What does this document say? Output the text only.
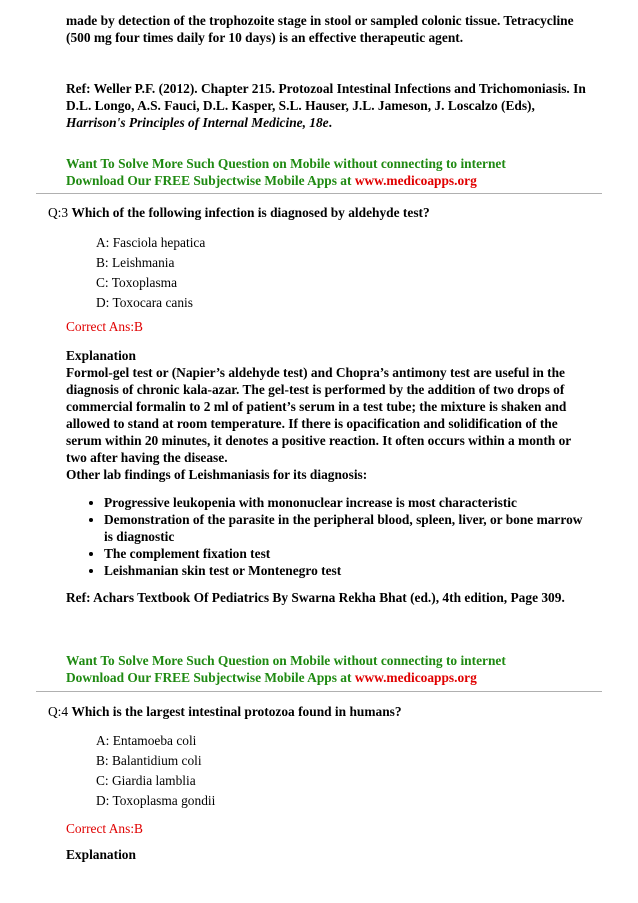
made by detection of the trophozoite stage in stool or sampled colonic tissue. Tetracycline (500 mg four times daily for 10 days) is an effective therapeutic agent.
Ref: Weller P.F. (2012). Chapter 215. Protozoal Intestinal Infections and Trichomoniasis. In D.L. Longo, A.S. Fauci, D.L. Kasper, S.L. Hauser, J.L. Jameson, J. Loscalzo (Eds), Harrison's Principles of Internal Medicine, 18e.
Want To Solve More Such Question on Mobile without connecting to internet
Download Our FREE Subjectwise Mobile Apps at www.medicoapps.org
Q:3 Which of the following infection is diagnosed by aldehyde test?
A: Fasciola hepatica
B: Leishmania
C: Toxoplasma
D: Toxocara canis
Correct Ans:B
Explanation
Formol-gel test or (Napier’s aldehyde test) and Chopra’s antimony test are useful in the diagnosis of chronic kala-azar. The gel-test is performed by the addition of two drops of commercial formalin to 2 ml of patient’s serum in a test tube; the mixture is shaken and allowed to stand at room temperature. If there is opacification and solidification of the serum within 20 minutes, it denotes a positive reaction. It often occurs within a month or two after having the disease.
Other lab findings of Leishmaniasis for its diagnosis:
• Progressive leukopenia with mononuclear increase is most characteristic
• Demonstration of the parasite in the peripheral blood, spleen, liver, or bone marrow is diagnostic
• The complement fixation test
• Leishmanian skin test or Montenegro test
Ref: Achars Textbook Of Pediatrics By Swarna Rekha Bhat (ed.), 4th edition, Page 309.
Want To Solve More Such Question on Mobile without connecting to internet
Download Our FREE Subjectwise Mobile Apps at www.medicoapps.org
Q:4 Which is the largest intestinal protozoa found in humans?
A: Entamoeba coli
B: Balantidium coli
C: Giardia lamblia
D: Toxoplasma gondii
Correct Ans:B
Explanation
